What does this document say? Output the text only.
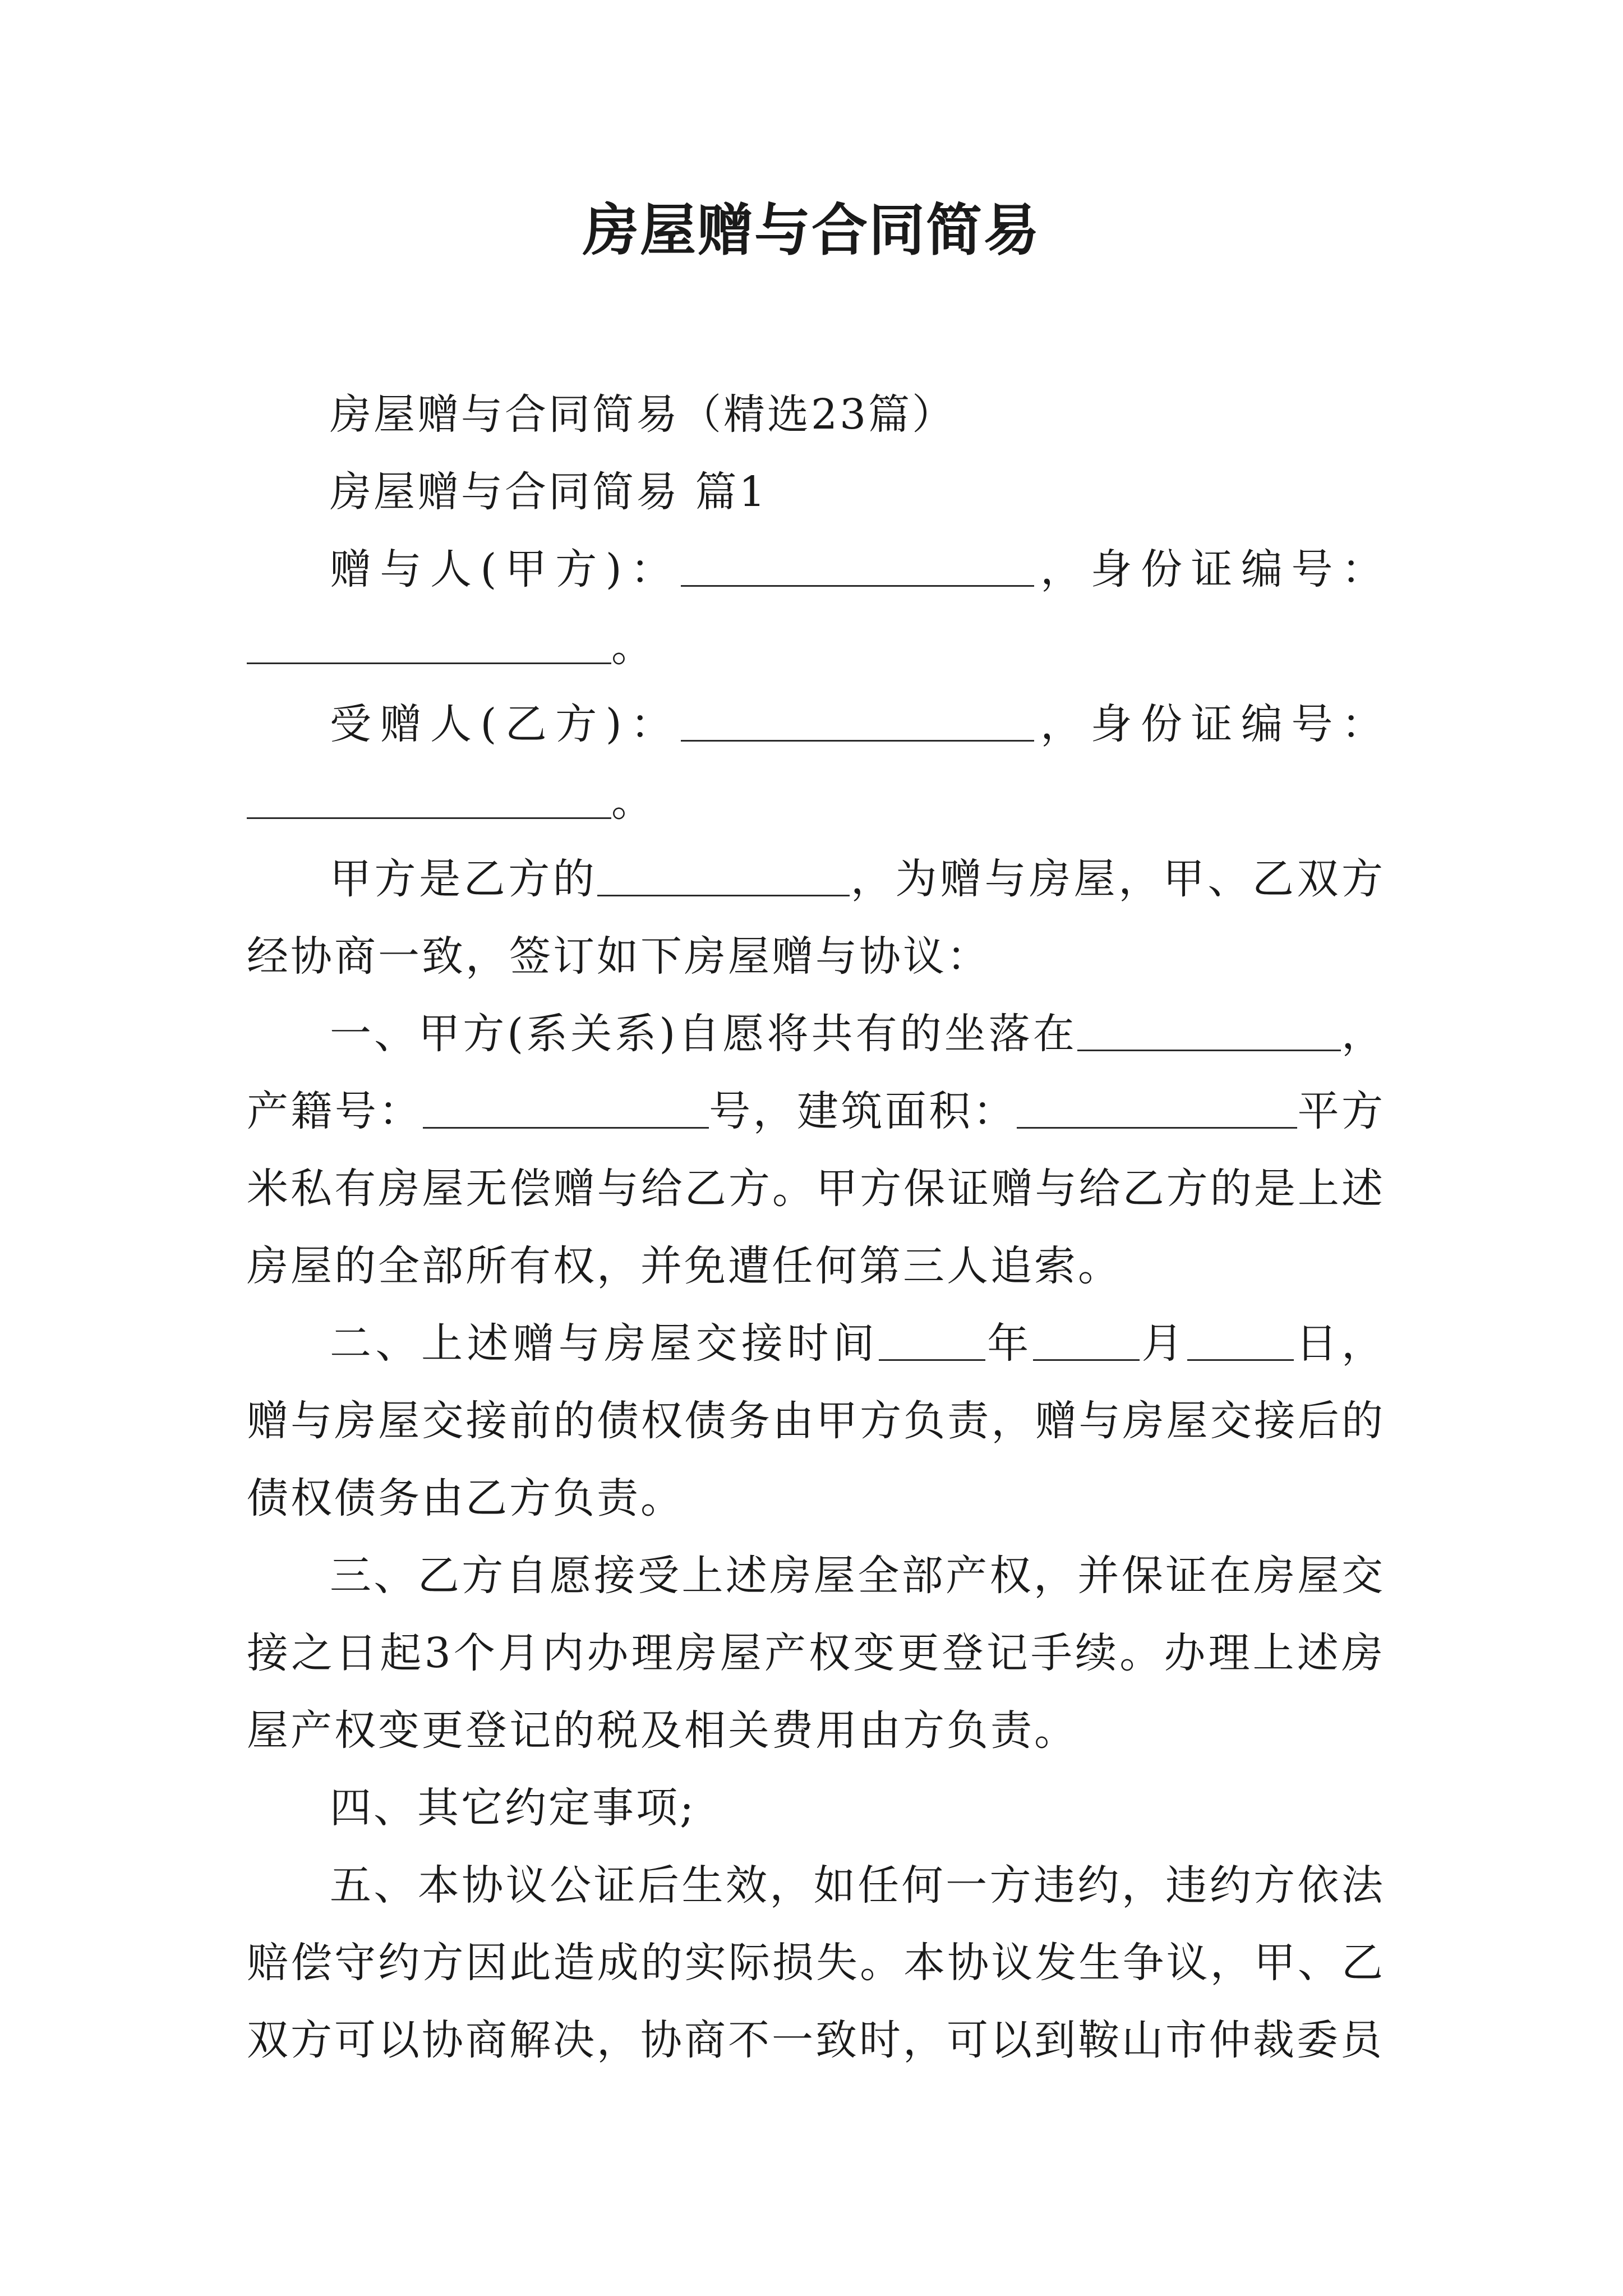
房屋赠与合同简易

房屋赠与合同简易（精选23篇）

房屋赠与合同简易 篇1

赠与人(甲方)：	，身份证编号：。

受赠人(乙方)：	，身份证编号：。

甲方是乙方的	，为赠与房屋，甲、乙双方经协商一致，签订如下房屋赠与协议：

一、甲方(系关系)自愿将共有的坐落在	，产籍号：	号，建筑面积：	平方米私有房屋无偿赠与给乙方。甲方保证赠与给乙方的是上述房屋的全部所有权，并免遭任何第三人追索。

二、上述赠与房屋交接时间	年	月	日，赠与房屋交接前的债权债务由甲方负责，赠与房屋交接后的债权债务由乙方负责。

三、乙方自愿接受上述房屋全部产权，并保证在房屋交接之日起3个月内办理房屋产权变更登记手续。办理上述房屋产权变更登记的税及相关费用由方负责。

四、其它约定事项;

五、本协议公证后生效，如任何一方违约，违约方依法赔偿守约方因此造成的实际损失。本协议发生争议，甲、乙双方可以协商解决，协商不一致时，可以到鞍山市仲裁委员
